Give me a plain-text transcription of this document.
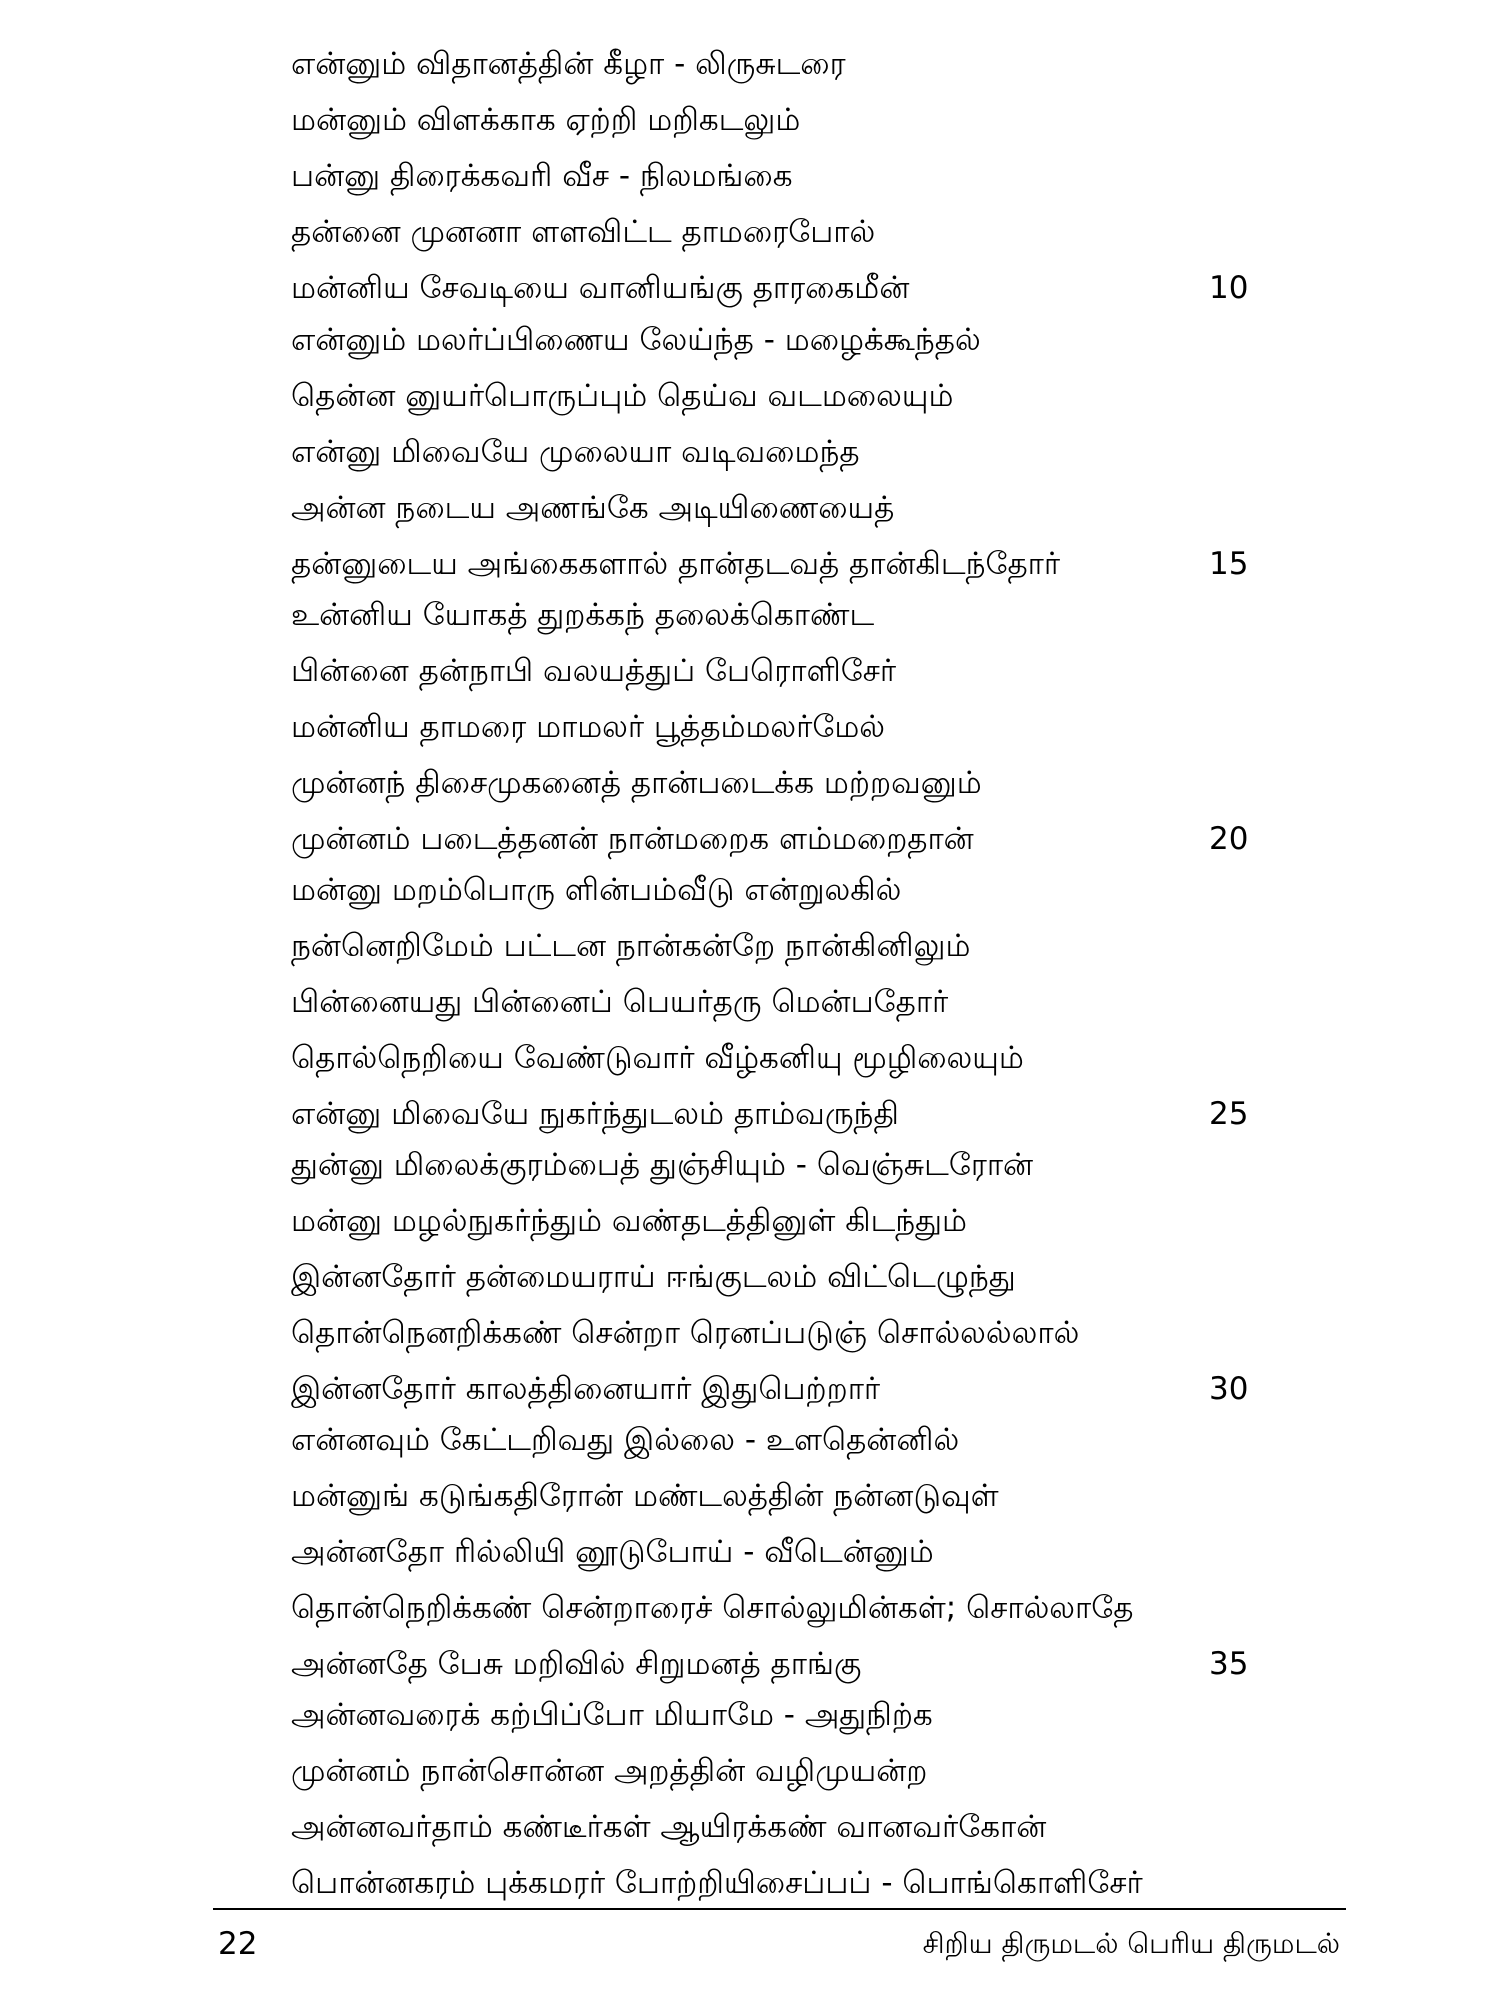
என்னும் விதானத்தின் கீழா - லிருசுடரை
மன்னும் விளக்காக ஏற்றி மறிகடலும்
பன்னு திரைக்கவரி வீச - நிலமங்கை
தன்னை முனனா ளளவிட்ட தாமரைபோல்
மன்னிய சேவடியை வானியங்கு தாரகைமீன்	10
என்னும் மலர்ப்பிணைய லேய்ந்த - மழைக்கூந்தல்
தென்ன னுயர்பொருப்பும் தெய்வ வடமலையும்
என்னு மிவையே முலையா வடிவமைந்த
அன்ன நடைய அணங்கே அடியிணையைத்
தன்னுடைய அங்கைகளால் தான்தடவத் தான்கிடந்தோர்	15
உன்னிய யோகத் துறக்கந் தலைக்கொண்ட
பின்னை தன்நாபி வலயத்துப் பேரொளிசேர்
மன்னிய தாமரை மாமலர் பூத்தம்மலர்மேல்
முன்னந் திசைமுகனைத் தான்படைக்க மற்றவனும்
முன்னம் படைத்தனன் நான்மறைக ளம்மறைதான்	20
மன்னு மறம்பொரு ளின்பம்வீடு என்றுலகில்
நன்னெறிமேம் பட்டன நான்கன்றே நான்கினிலும்
பின்னையது பின்னைப் பெயர்தரு மென்பதோர்
தொல்நெறியை வேண்டுவார் வீழ்கனியு மூழிலையும்
என்னு மிவையே நுகர்ந்துடலம் தாம்வருந்தி	25
துன்னு மிலைக்குரம்பைத் துஞ்சியும் - வெஞ்சுடரோன்
மன்னு மழல்நுகர்ந்தும் வண்தடத்தினுள் கிடந்தும்
இன்னதோர் தன்மையராய் ஈங்குடலம் விட்டெழுந்து
தொன்நெனறிக்கண் சென்றா ரெனப்படுஞ் சொல்லல்லால்
இன்னதோர் காலத்தினையார் இதுபெற்றார்	30
என்னவும் கேட்டறிவது இல்லை - உளதென்னில்
மன்னுங் கடுங்கதிரோன் மண்டலத்தின் நன்னடுவுள்
அன்னதோ ரில்லியி னூடுபோய் - வீடென்னும்
தொன்நெறிக்கண் சென்றாரைச் சொல்லுமின்கள்; சொல்லாதே
அன்னதே பேசு மறிவில் சிறுமனத் தாங்கு	35
அன்னவரைக் கற்பிப்போ மியாமே - அதுநிற்க
முன்னம் நான்சொன்ன அறத்தின் வழிமுயன்ற
அன்னவர்தாம் கண்டீர்கள் ஆயிரக்கண் வானவர்கோன்
பொன்னகரம் புக்கமரர் போற்றியிசைப்பப் - பொங்கொளிசேர்
22	சிறிய திருமடல் பெரிய திருமடல்
